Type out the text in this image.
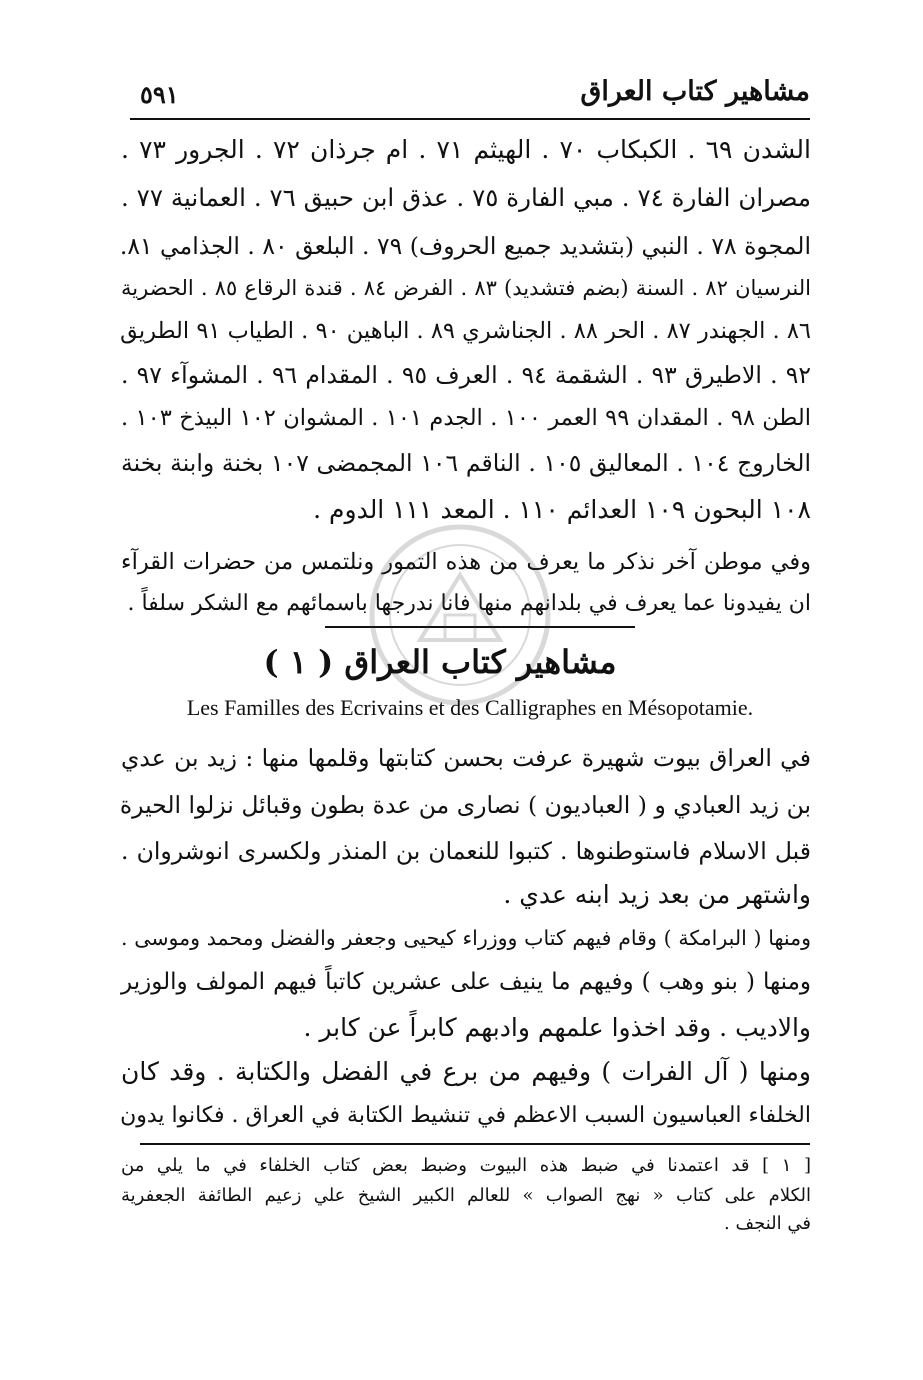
مشاهير كتاب العراق
٥٩١
الشدن ٦٩ . الكبكاب ٧٠ . الهيثم ٧١ . ام جرذان ٧٢ . الجرور ٧٣ .
مصران الفارة ٧٤ . مبي الفارة ٧٥ . عذق ابن حبيق ٧٦ . العمانية ٧٧ .
المجوة ٧٨ . النبي (بتشديد جميع الحروف) ٧٩ . البلعق ٨٠ . الجذامي ٨١.
النرسيان ٨٢ . السنة (بضم فتشديد) ٨٣ . الفرض ٨٤ . قندة الرقاع ٨٥ . الحضرية
٨٦ . الجهندر ٨٧ . الحر ٨٨ . الجناشري ٨٩ . الباهين ٩٠ . الطياب ٩١ الطريق
٩٢ . الاطيرق ٩٣ . الشقمة ٩٤ . العرف ٩٥ . المقدام ٩٦ . المشوآء ٩٧ .
الطن ٩٨ . المقدان ٩٩ العمر ١٠٠ . الجدم ١٠١ . المشوان ١٠٢ البيذخ ١٠٣ .
الخاروج ١٠٤ . المعاليق ١٠٥ . الناقم ١٠٦ المجمضى ١٠٧ بخنة وابنة بخنة
١٠٨ البحون ١٠٩ العدائم ١١٠ . المعد ١١١ الدوم .
وفي موطن آخر نذكر ما يعرف من هذه التمور ونلتمس من حضرات القرآء
ان يفيدونا عما يعرف في بلدانهم منها فانا ندرجها باسمائهم مع الشكر سلفاً .
مشاهير كتاب العراق ( ١ )
Les Familles des Ecrivains et des Calligraphes en Mésopotamie.
في العراق بيوت شهيرة عرفت بحسن كتابتها وقلمها منها : زيد بن عدي
بن زيد العبادي و ( العباديون ) نصارى من عدة بطون وقبائل نزلوا الحيرة
قبل الاسلام فاستوطنوها . كتبوا للنعمان بن المنذر ولكسرى انوشروان .
واشتهر من بعد زيد ابنه عدي .
ومنها ( البرامكة ) وقام فيهم كتاب ووزراء كيحيى وجعفر والفضل ومحمد وموسى .
ومنها ( بنو وهب ) وفيهم ما ينيف على عشرين كاتباً فيهم المولف والوزير
والاديب . وقد اخذوا علمهم وادبهم كابراً عن كابر .
ومنها ( آل الفرات ) وفيهم من برع في الفضل والكتابة . وقد كان
الخلفاء العباسيون السبب الاعظم في تنشيط الكتابة في العراق . فكانوا يدون
[ ١ ] قد اعتمدنا في ضبط هذه البيوت وضبط بعض كتاب الخلفاء في ما يلي من
الكلام على كتاب « نهج الصواب » للعالم الكبير الشيخ علي زعيم الطائفة الجعفرية
في النجف .
